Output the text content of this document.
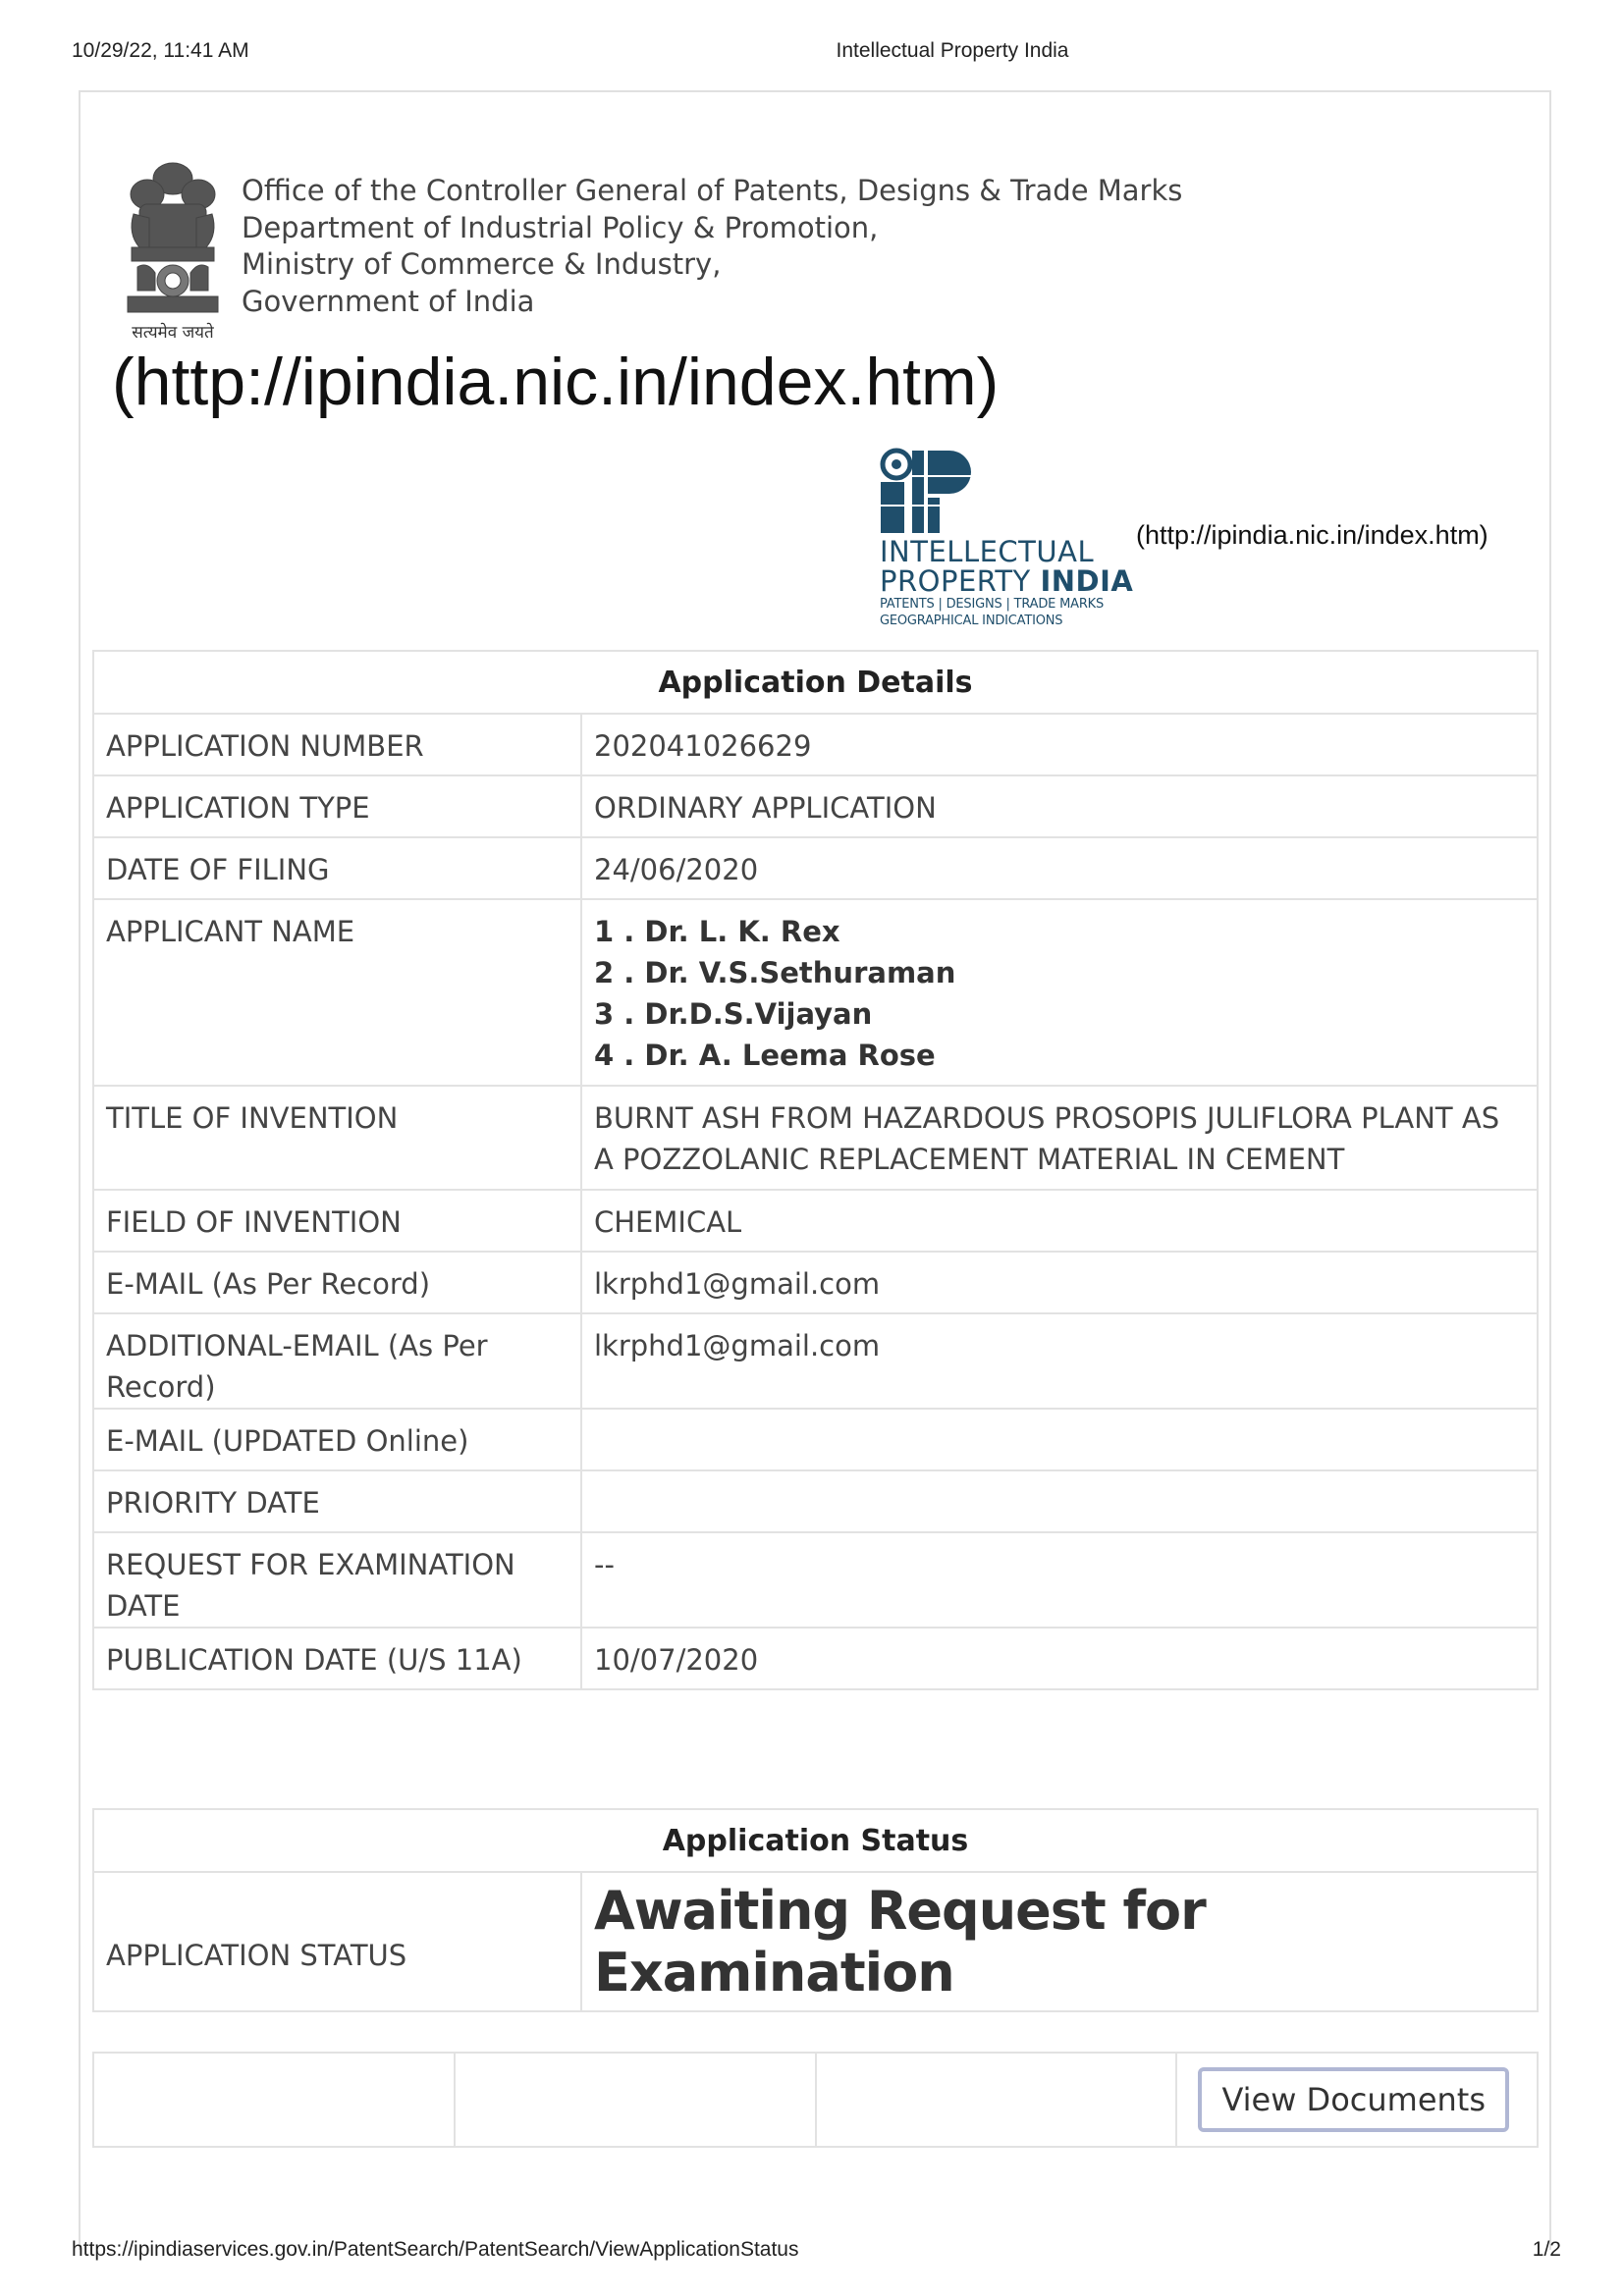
10/29/22, 11:41 AM	Intellectual Property India
सत्यमेव जयते
Office of the Controller General of Patents, Designs & Trade Marks
Department of Industrial Policy & Promotion,
Ministry of Commerce & Industry,
Government of India
(http://ipindia.nic.in/index.htm)
INTELLECTUAL
PROPERTY INDIA
PATENTS | DESIGNS | TRADE MARKS
GEOGRAPHICAL INDICATIONS
(http://ipindia.nic.in/index.htm)
Application Details	
APPLICATION NUMBER	202041026629
APPLICATION TYPE	ORDINARY APPLICATION
DATE OF FILING	24/06/2020
APPLICANT NAME	1 . Dr. L. K. Rex
2 . Dr. V.S.Sethuraman
3 . Dr.D.S.Vijayan
4 . Dr. A. Leema Rose

TITLE OF INVENTION	BURNT ASH FROM HAZARDOUS PROSOPIS JULIFLORA PLANT AS A POZZOLANIC REPLACEMENT MATERIAL IN CEMENT
FIELD OF INVENTION	CHEMICAL
E-MAIL (As Per Record)	lkrphd1@gmail.com
ADDITIONAL-EMAIL (As Per Record)	lkrphd1@gmail.com
E-MAIL (UPDATED Online)	
PRIORITY DATE	
REQUEST FOR EXAMINATION DATE	--
PUBLICATION DATE (U/S 11A)	10/07/2020
Application Status
APPLICATION STATUS	Awaiting Request for Examination

View Documents
https://ipindiaservices.gov.in/PatentSearch/PatentSearch/ViewApplicationStatus	1/2
